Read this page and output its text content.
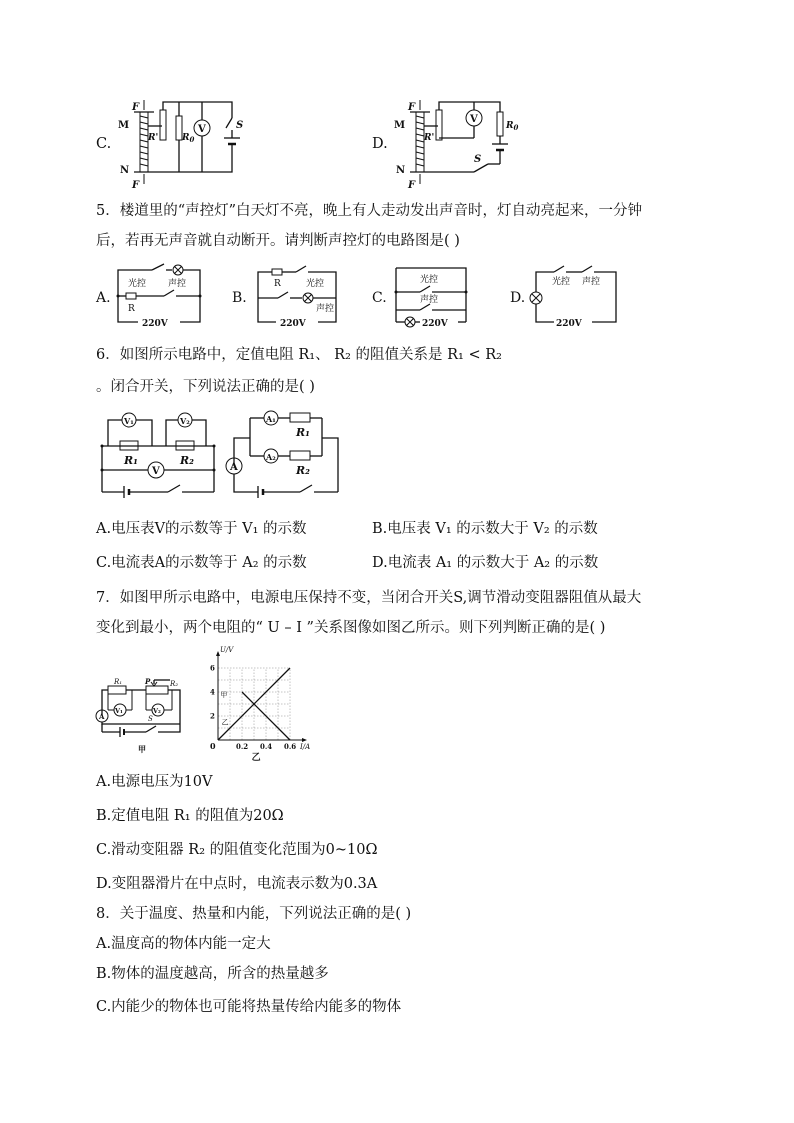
C.
F
F
M
N
R'	$R_0$
V	S
D.
F
F
M
N
R'
V
$R_0$
S
5．楼道里的“声控灯”白天灯不亮，晚上有人走动发出声音时，灯自动亮起来，一分钟
后，若再无声音就自动断开。请判断声控灯的电路图是( )
A.
光控 声控
R
220V
B.
R	光控
声控
220V
C.
光控
声控
220V
D.
光控 声控
220V
6．如图所示电路中，定值电阻 R₁、 R₂ 的阻值关系是 R₁ < R₂
。闭合开关，下列说法正确的是( )
R₁	R₂
V₁	V₂
V
A₁
R₁
A₂
R₂
A
A.电压表V的示数等于 V₁ 的示数	B.电压表 V₁ 的示数大于 V₂ 的示数
C.电流表A的示数等于 A₂ 的示数	D.电流表 A₁ 的示数大于 A₂ 的示数
7．如图甲所示电路中，电源电压保持不变，当闭合开关S,调节滑动变阻器阻值从最大
变化到最小，两个电阻的“ U – I ”关系图像如图乙所示。则下列判断正确的是( )
R₁	P	R₂
A
V₁	V₂
S
甲
2
4
6
0.2 0.4 0.6
U/V
I/A
0
甲
乙
乙
A.电源电压为10V
B.定值电阻 R₁ 的阻值为20Ω
C.滑动变阻器 R₂ 的阻值变化范围为0~10Ω
D.变阻器滑片在中点时，电流表示数为0.3A
8．关于温度、热量和内能，下列说法正确的是( )
A.温度高的物体内能一定大
B.物体的温度越高，所含的热量越多
C.内能少的物体也可能将热量传给内能多的物体
